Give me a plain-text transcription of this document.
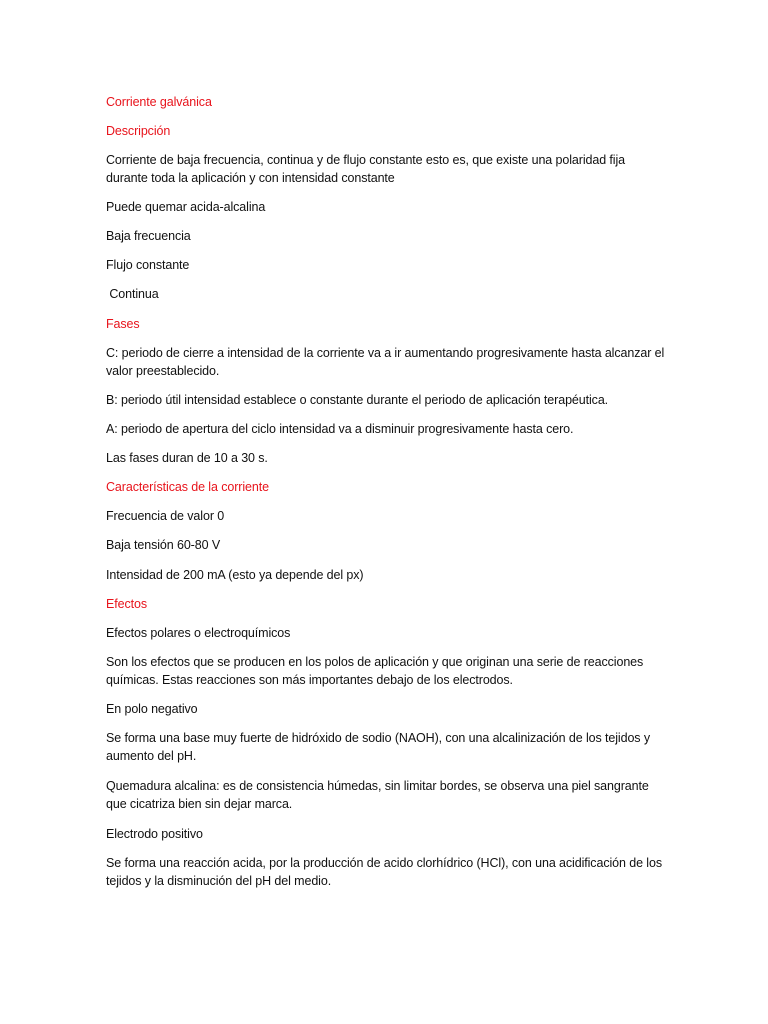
Corriente galvánica
Descripción
Corriente de baja frecuencia, continua y de flujo constante esto es, que existe una polaridad fija durante toda la aplicación y con intensidad constante
Puede quemar acida-alcalina
Baja frecuencia
Flujo constante
Continua
Fases
C: periodo de cierre a intensidad de la corriente va a ir aumentando progresivamente hasta alcanzar el valor preestablecido.
B: periodo útil intensidad establece o constante durante el periodo de aplicación terapéutica.
A: periodo de apertura del ciclo intensidad va a disminuir progresivamente hasta cero.
Las fases duran de 10 a 30 s.
Características de la corriente
Frecuencia de valor 0
Baja tensión 60-80 V
Intensidad de 200 mA (esto ya depende del px)
Efectos
Efectos polares o electroquímicos
Son los efectos que se producen en los polos de aplicación y que originan una serie de reacciones químicas. Estas reacciones son más importantes debajo de los electrodos.
En polo negativo
Se forma una base muy fuerte de hidróxido de sodio (NAOH), con una alcalinización de los tejidos y aumento del pH.
Quemadura alcalina: es de consistencia húmedas, sin limitar bordes, se observa una piel sangrante que cicatriza bien sin dejar marca.
Electrodo positivo
Se forma una reacción acida, por la producción de acido clorhídrico (HCl), con una acidificación de los tejidos y la disminución del pH del medio.
